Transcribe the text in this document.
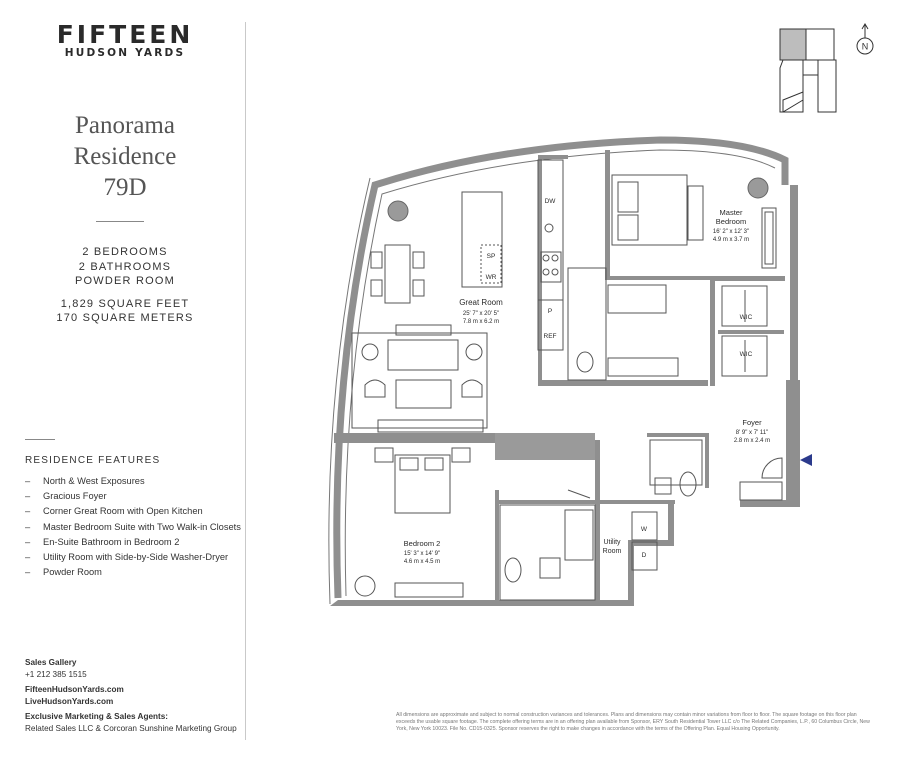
FIFTEEN
HUDSON YARDS
Panorama
Residence
79D
2 BEDROOMS
2 BATHROOMS
POWDER ROOM
1,829 SQUARE FEET
170 SQUARE METERS
RESIDENCE FEATURES
– North & West Exposures
– Gracious Foyer
– Corner Great Room with Open Kitchen
– Master Bedroom Suite with Two Walk-in Closets
– En-Suite Bathroom in Bedroom 2
– Utility Room with Side-by-Side Washer-Dryer
– Powder Room
Sales Gallery
+1 212 385 1515
FifteenHudsonYards.com
LiveHudsonYards.com
Exclusive Marketing & Sales Agents:
Related Sales LLC & Corcoran Sunshine Marketing Group
N
Great Room
25' 7" x 20' 5"
7.8 m x 6.2 m
Master
Bedroom
16' 2" x 12' 3"
4.9 m x 3.7 m
Foyer
8' 9" x 7' 11"
2.8 m x 2.4 m
Bedroom 2
15' 3" x 14' 9"
4.6 m x 4.5 m
Utility
Room
DW
SP
WR
P
REF
WIC
WIC
W
D
All dimensions are approximate and subject to normal construction variances and tolerances. Plans and dimensions may contain minor variations from floor to floor. The square footage on this floor plan exceeds the usable square footage. The complete offering terms are in an offering plan available from Sponsor, ERY South Residential Tower LLC c/o The Related Companies, L.P., 60 Columbus Circle, New York, New York 10023. File No. CD15-0325. Sponsor reserves the right to make changes in accordance with the terms of the Offering Plan. Equal Housing Opportunity.
